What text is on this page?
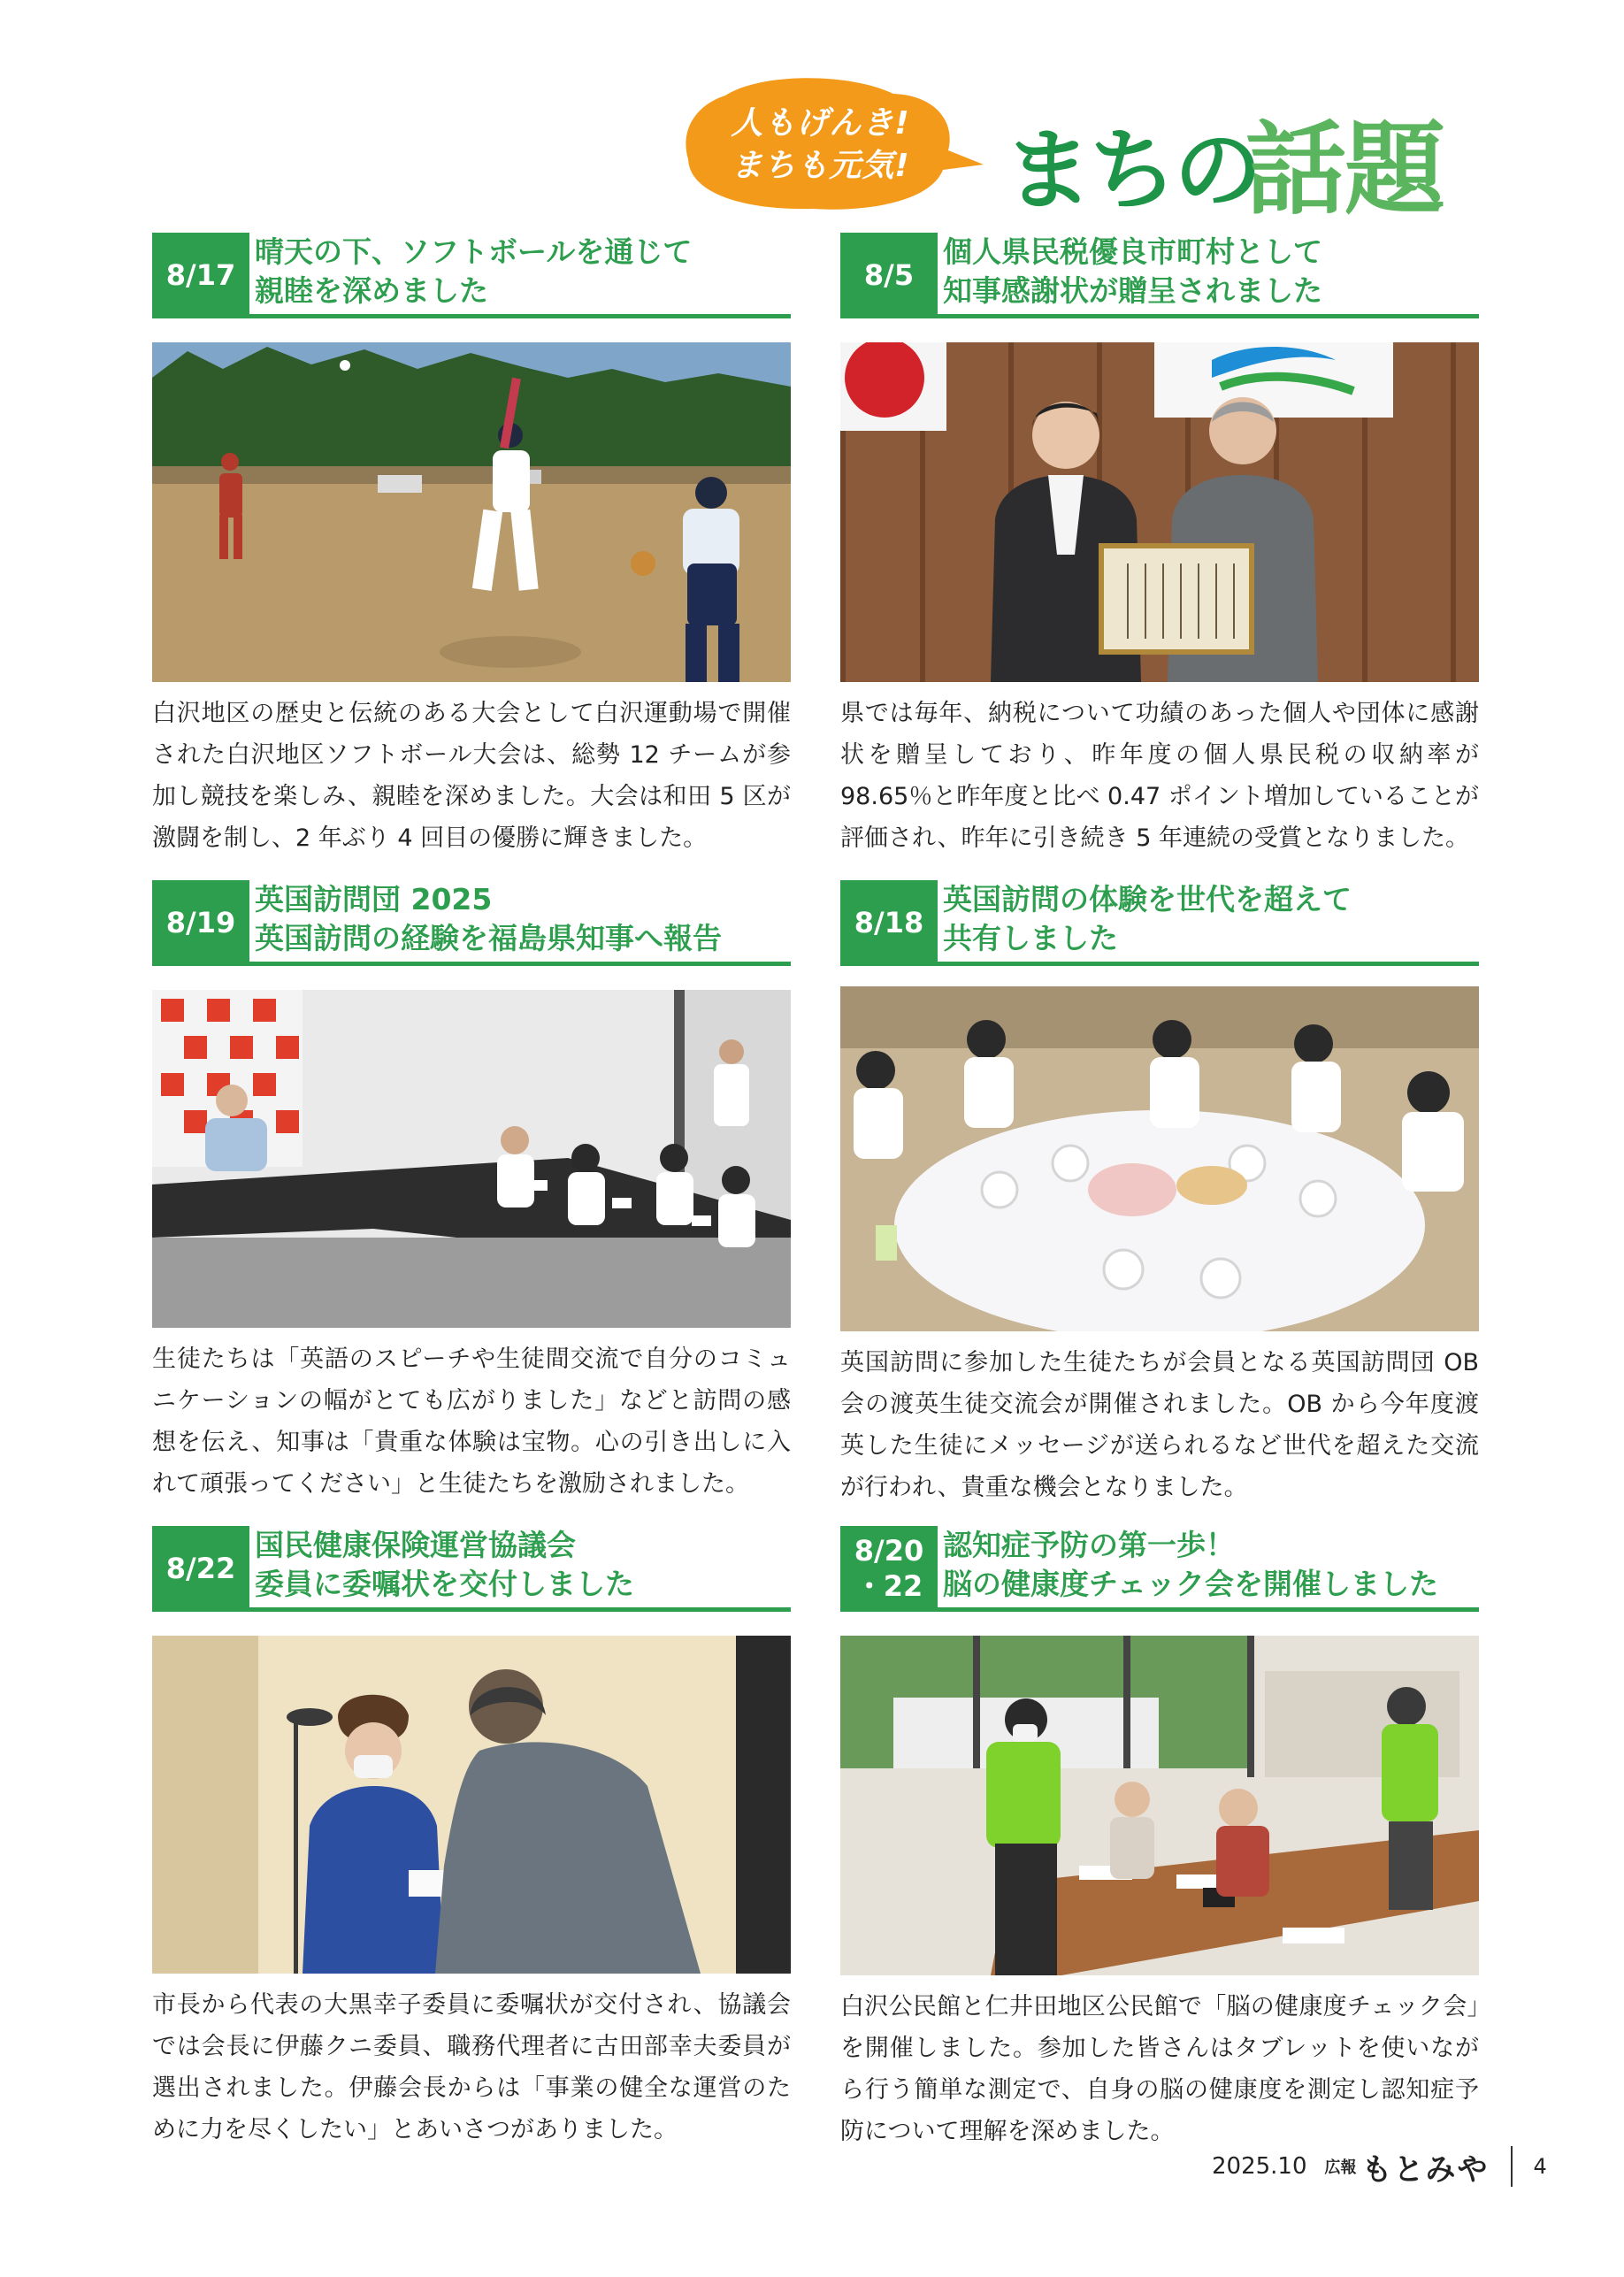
人もげんき!
まちも元気! まちの
話題
8/17
晴天の下、ソフトボールを通じて
親睦を深めました
白沢地区の歴史と伝統のある大会として白沢運動場で開催された白沢地区ソフトボール大会は、総勢 12 チームが参加し競技を楽しみ、親睦を深めました。大会は和田 5 区が激闘を制し、2 年ぶり 4 回目の優勝に輝きました。
8/5
個人県民税優良市町村として
知事感謝状が贈呈されました
県では毎年、納税について功績のあった個人や団体に感謝状を贈呈しており、昨年度の個人県民税の収納率が 98.65％と昨年度と比べ 0.47 ポイント増加していることが評価され、昨年に引き続き 5 年連続の受賞となりました。
8/19
英国訪問団 2025
英国訪問の経験を福島県知事へ報告
生徒たちは「英語のスピーチや生徒間交流で自分のコミュニケーションの幅がとても広がりました」などと訪問の感想を伝え、知事は「貴重な体験は宝物。心の引き出しに入れて頑張ってください」と生徒たちを激励されました。
8/18
英国訪問の体験を世代を超えて
共有しました
英国訪問に参加した生徒たちが会員となる英国訪問団 OB 会の渡英生徒交流会が開催されました。OB から今年度渡英した生徒にメッセージが送られるなど世代を超えた交流が行われ、貴重な機会となりました。
8/22
国民健康保険運営協議会
委員に委嘱状を交付しました
市長から代表の大黒幸子委員に委嘱状が交付され、協議会では会長に伊藤クニ委員、職務代理者に古田部幸夫委員が選出されました。伊藤会長からは「事業の健全な運営のために力を尽くしたい」とあいさつがありました。
8/20
・22
認知症予防の第一歩！
脳の健康度チェック会を開催しました
白沢公民館と仁井田地区公民館で「脳の健康度チェック会」を開催しました。参加した皆さんはタブレットを使いながら行う簡単な測定で、自身の脳の健康度を測定し認知症予防について理解を深めました。
2025.10 広報 もとみや 4
